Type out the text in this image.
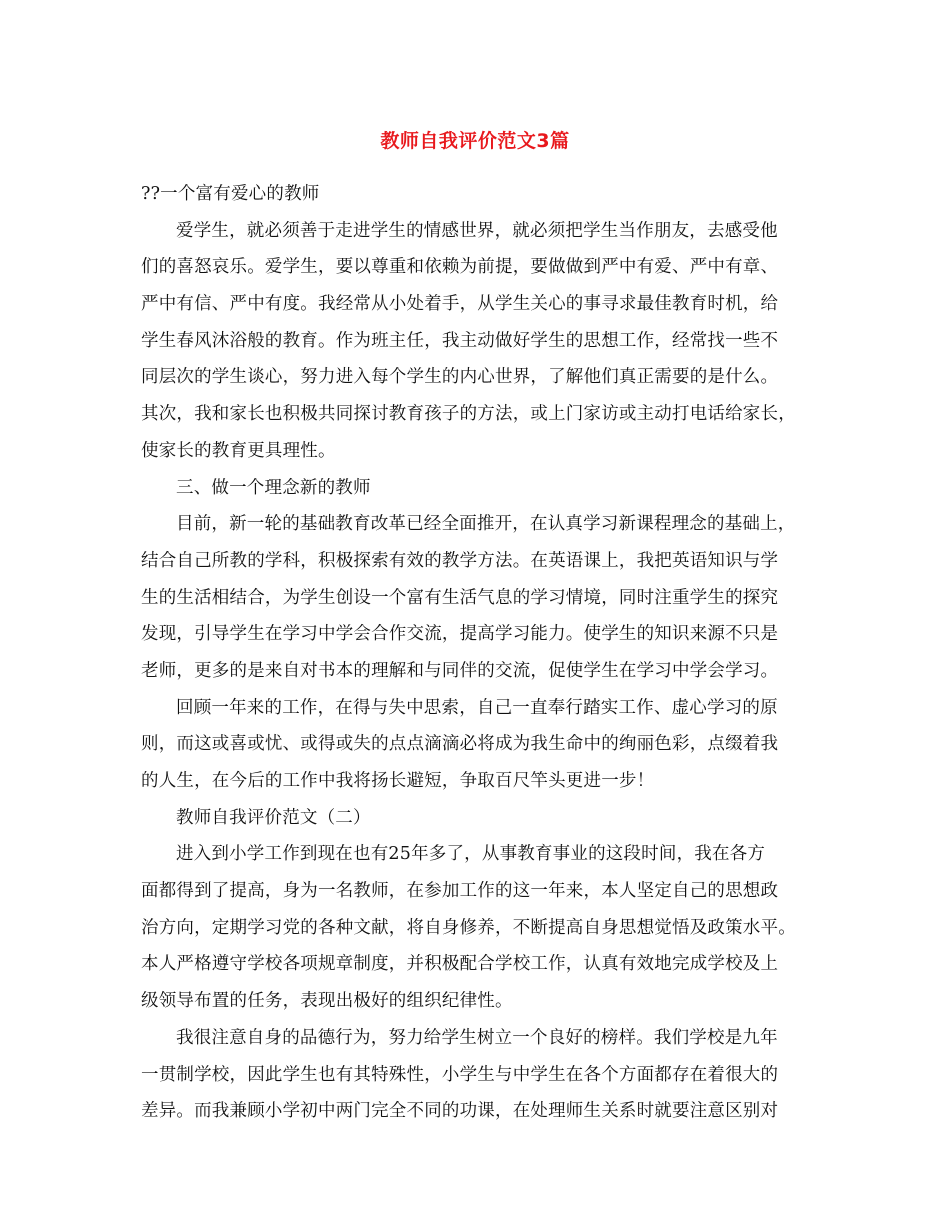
教师自我评价范文3篇
??一个富有爱心的教师
爱学生，就必须善于走进学生的情感世界，就必须把学生当作朋友，去感受他
们的喜怒哀乐。爱学生，要以尊重和依赖为前提，要做做到严中有爱、严中有章、
严中有信、严中有度。我经常从小处着手，从学生关心的事寻求最佳教育时机，给
学生春风沐浴般的教育。作为班主任，我主动做好学生的思想工作，经常找一些不
同层次的学生谈心，努力进入每个学生的内心世界，了解他们真正需要的是什么。
其次，我和家长也积极共同探讨教育孩子的方法，或上门家访或主动打电话给家长，
使家长的教育更具理性。
三、做一个理念新的教师
目前，新一轮的基础教育改革已经全面推开，在认真学习新课程理念的基础上，
结合自己所教的学科，积极探索有效的教学方法。在英语课上，我把英语知识与学
生的生活相结合，为学生创设一个富有生活气息的学习情境，同时注重学生的探究
发现，引导学生在学习中学会合作交流，提高学习能力。使学生的知识来源不只是
老师，更多的是来自对书本的理解和与同伴的交流，促使学生在学习中学会学习。
回顾一年来的工作，在得与失中思索，自己一直奉行踏实工作、虚心学习的原
则，而这或喜或忧、或得或失的点点滴滴必将成为我生命中的绚丽色彩，点缀着我
的人生，在今后的工作中我将扬长避短，争取百尺竿头更进一步！
教师自我评价范文（二）
进入到小学工作到现在也有25年多了，从事教育事业的这段时间，我在各方
面都得到了提高，身为一名教师，在参加工作的这一年来，本人坚定自己的思想政
治方向，定期学习党的各种文献，将自身修养，不断提高自身思想觉悟及政策水平。
本人严格遵守学校各项规章制度，并积极配合学校工作，认真有效地完成学校及上
级领导布置的任务，表现出极好的组织纪律性。
我很注意自身的品德行为，努力给学生树立一个良好的榜样。我们学校是九年
一贯制学校，因此学生也有其特殊性，小学生与中学生在各个方面都存在着很大的
差异。而我兼顾小学初中两门完全不同的功课，在处理师生关系时就要注意区别对
